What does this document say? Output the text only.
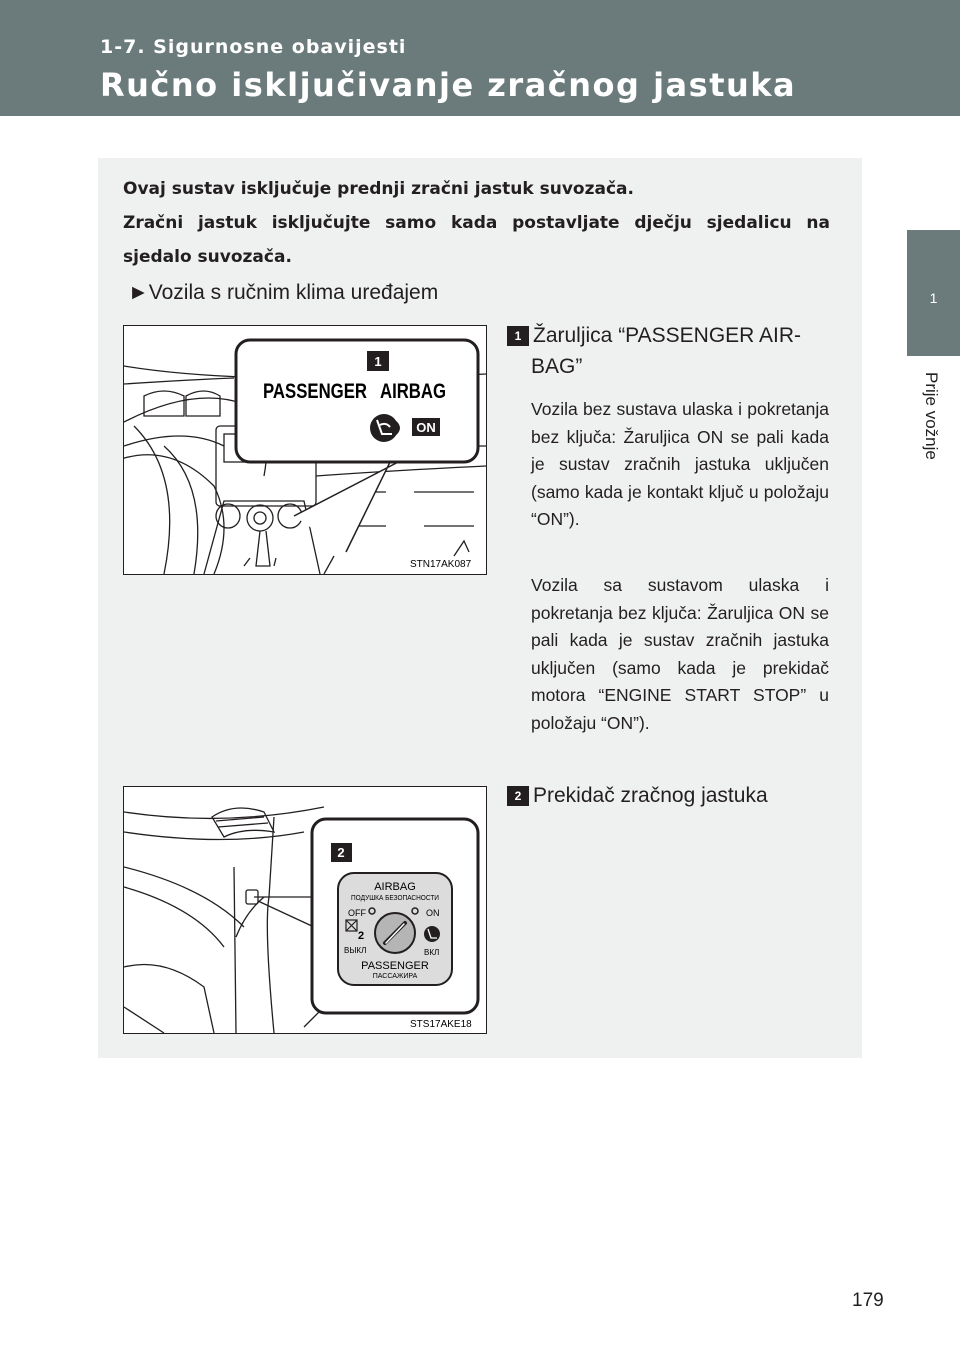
1-7. Sigurnosne obavijesti
Ručno isključivanje zračnog jastuka
1
Prije vožnje

Ovaj sustav isključuje prednji zračni jastuk suvozača.

Zračni jastuk isključujte samo kada postavljate dječju sjedalicu na sjedalo suvozača.

►Vozila s ručnim klima uređajem
1
PASSENGER AIRBAG
ON
STN17AK087
2
AIRBAG
ПОДУШКА БЕЗОПАСНОСТИ
OFF	ON
2
ВЫКЛ	ВКЛ
PASSENGER
ПАССАЖИРА
STS17AKE18
1 Žaruljica “PASSENGER AIR-
BAG”
Vozila bez sustava ulaska i pokretanja bez ključa: Žaruljica ON se pali kada je sustav zračnih jastuka uključen (samo kada je kontakt ključ u položaju “ON”).
Vozila sa sustavom ulaska i pokretanja bez ključa: Žaruljica ON se pali kada je sustav zračnih jastuka uključen (samo kada je prekidač motora “ENGINE START STOP” u položaju “ON”).
2 Prekidač zračnog jastuka
179
